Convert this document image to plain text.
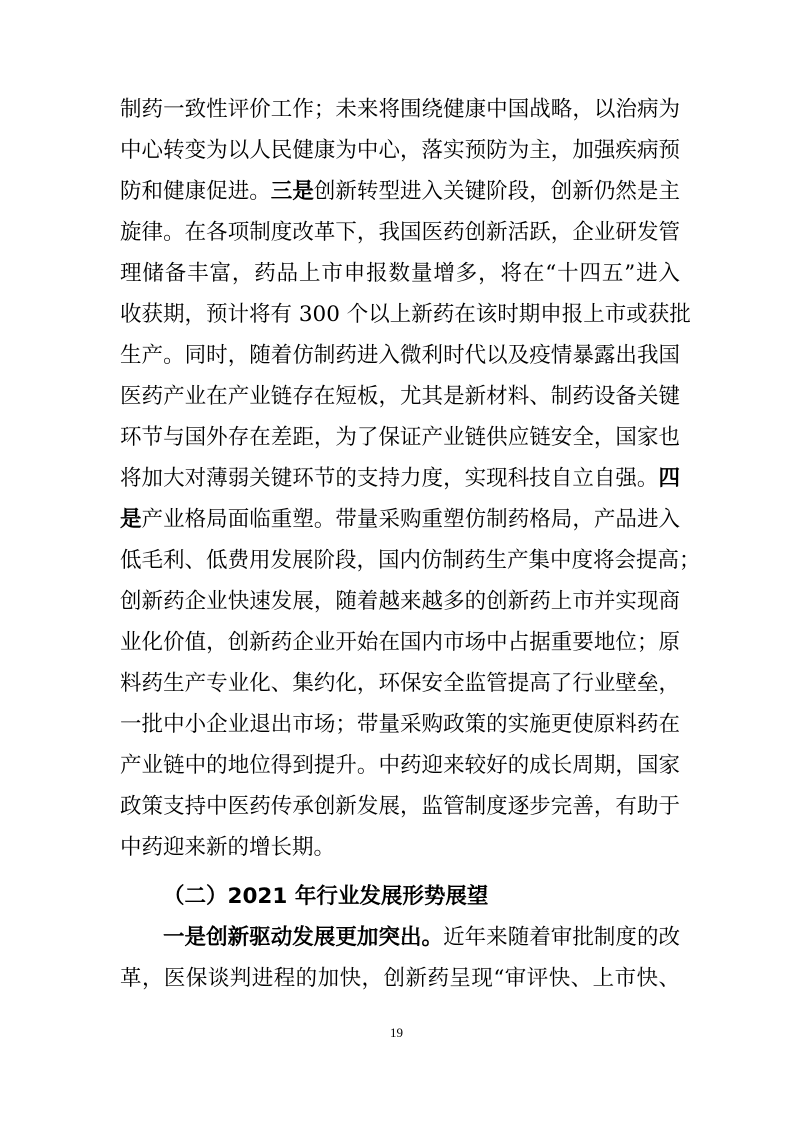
制药一致性评价工作；未来将围绕健康中国战略，以治病为
中心转变为以人民健康为中心，落实预防为主，加强疾病预
防和健康促进。三是创新转型进入关键阶段，创新仍然是主
旋律。在各项制度改革下，我国医药创新活跃，企业研发管
理储备丰富，药品上市申报数量增多，将在“十四五”进入
收获期，预计将有 300 个以上新药在该时期申报上市或获批
生产。同时，随着仿制药进入微利时代以及疫情暴露出我国
医药产业在产业链存在短板，尤其是新材料、制药设备关键
环节与国外存在差距，为了保证产业链供应链安全，国家也
将加大对薄弱关键环节的支持力度，实现科技自立自强。四
是产业格局面临重塑。带量采购重塑仿制药格局，产品进入
低毛利、低费用发展阶段，国内仿制药生产集中度将会提高；
创新药企业快速发展，随着越来越多的创新药上市并实现商
业化价值，创新药企业开始在国内市场中占据重要地位；原
料药生产专业化、集约化，环保安全监管提高了行业壁垒，
一批中小企业退出市场；带量采购政策的实施更使原料药在
产业链中的地位得到提升。中药迎来较好的成长周期，国家
政策支持中医药传承创新发展，监管制度逐步完善，有助于
中药迎来新的增长期。
（二）2021 年行业发展形势展望
一是创新驱动发展更加突出。近年来随着审批制度的改
革，医保谈判进程的加快，创新药呈现“审评快、上市快、
19
